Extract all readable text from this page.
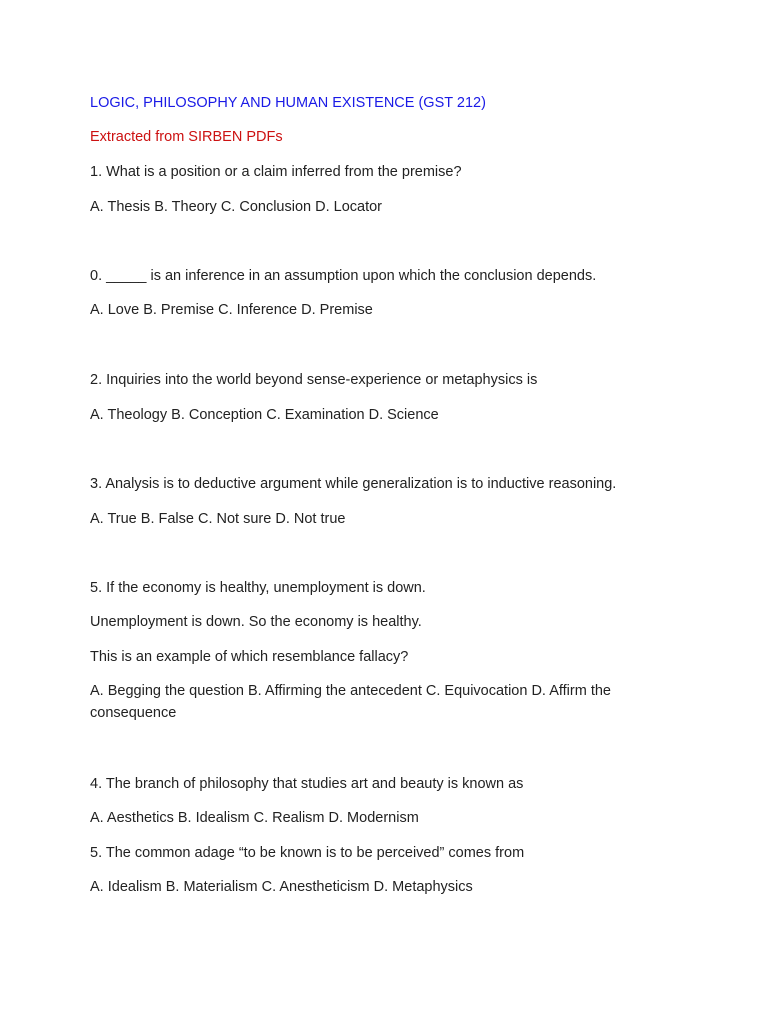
LOGIC, PHILOSOPHY AND HUMAN EXISTENCE (GST 212)
Extracted from SIRBEN PDFs
1. What is a position or a claim inferred from the premise?
A. Thesis B. Theory C. Conclusion D. Locator
0. _____ is an inference in an assumption upon which the conclusion depends.
A. Love B. Premise C. Inference D. Premise
2. Inquiries into the world beyond sense-experience or metaphysics is
A. Theology B. Conception C. Examination D. Science
3. Analysis is to deductive argument while generalization is to inductive reasoning.
A. True B. False C. Not sure D. Not true
5. If the economy is healthy, unemployment is down.
Unemployment is down. So the economy is healthy.
This is an example of which resemblance fallacy?
A. Begging the question B. Affirming the antecedent C. Equivocation D. Affirm the consequence
4. The branch of philosophy that studies art and beauty is known as
A. Aesthetics B. Idealism C. Realism D. Modernism
5. The common adage “to be known is to be perceived” comes from
A. Idealism B. Materialism C. Anestheticism D. Metaphysics
